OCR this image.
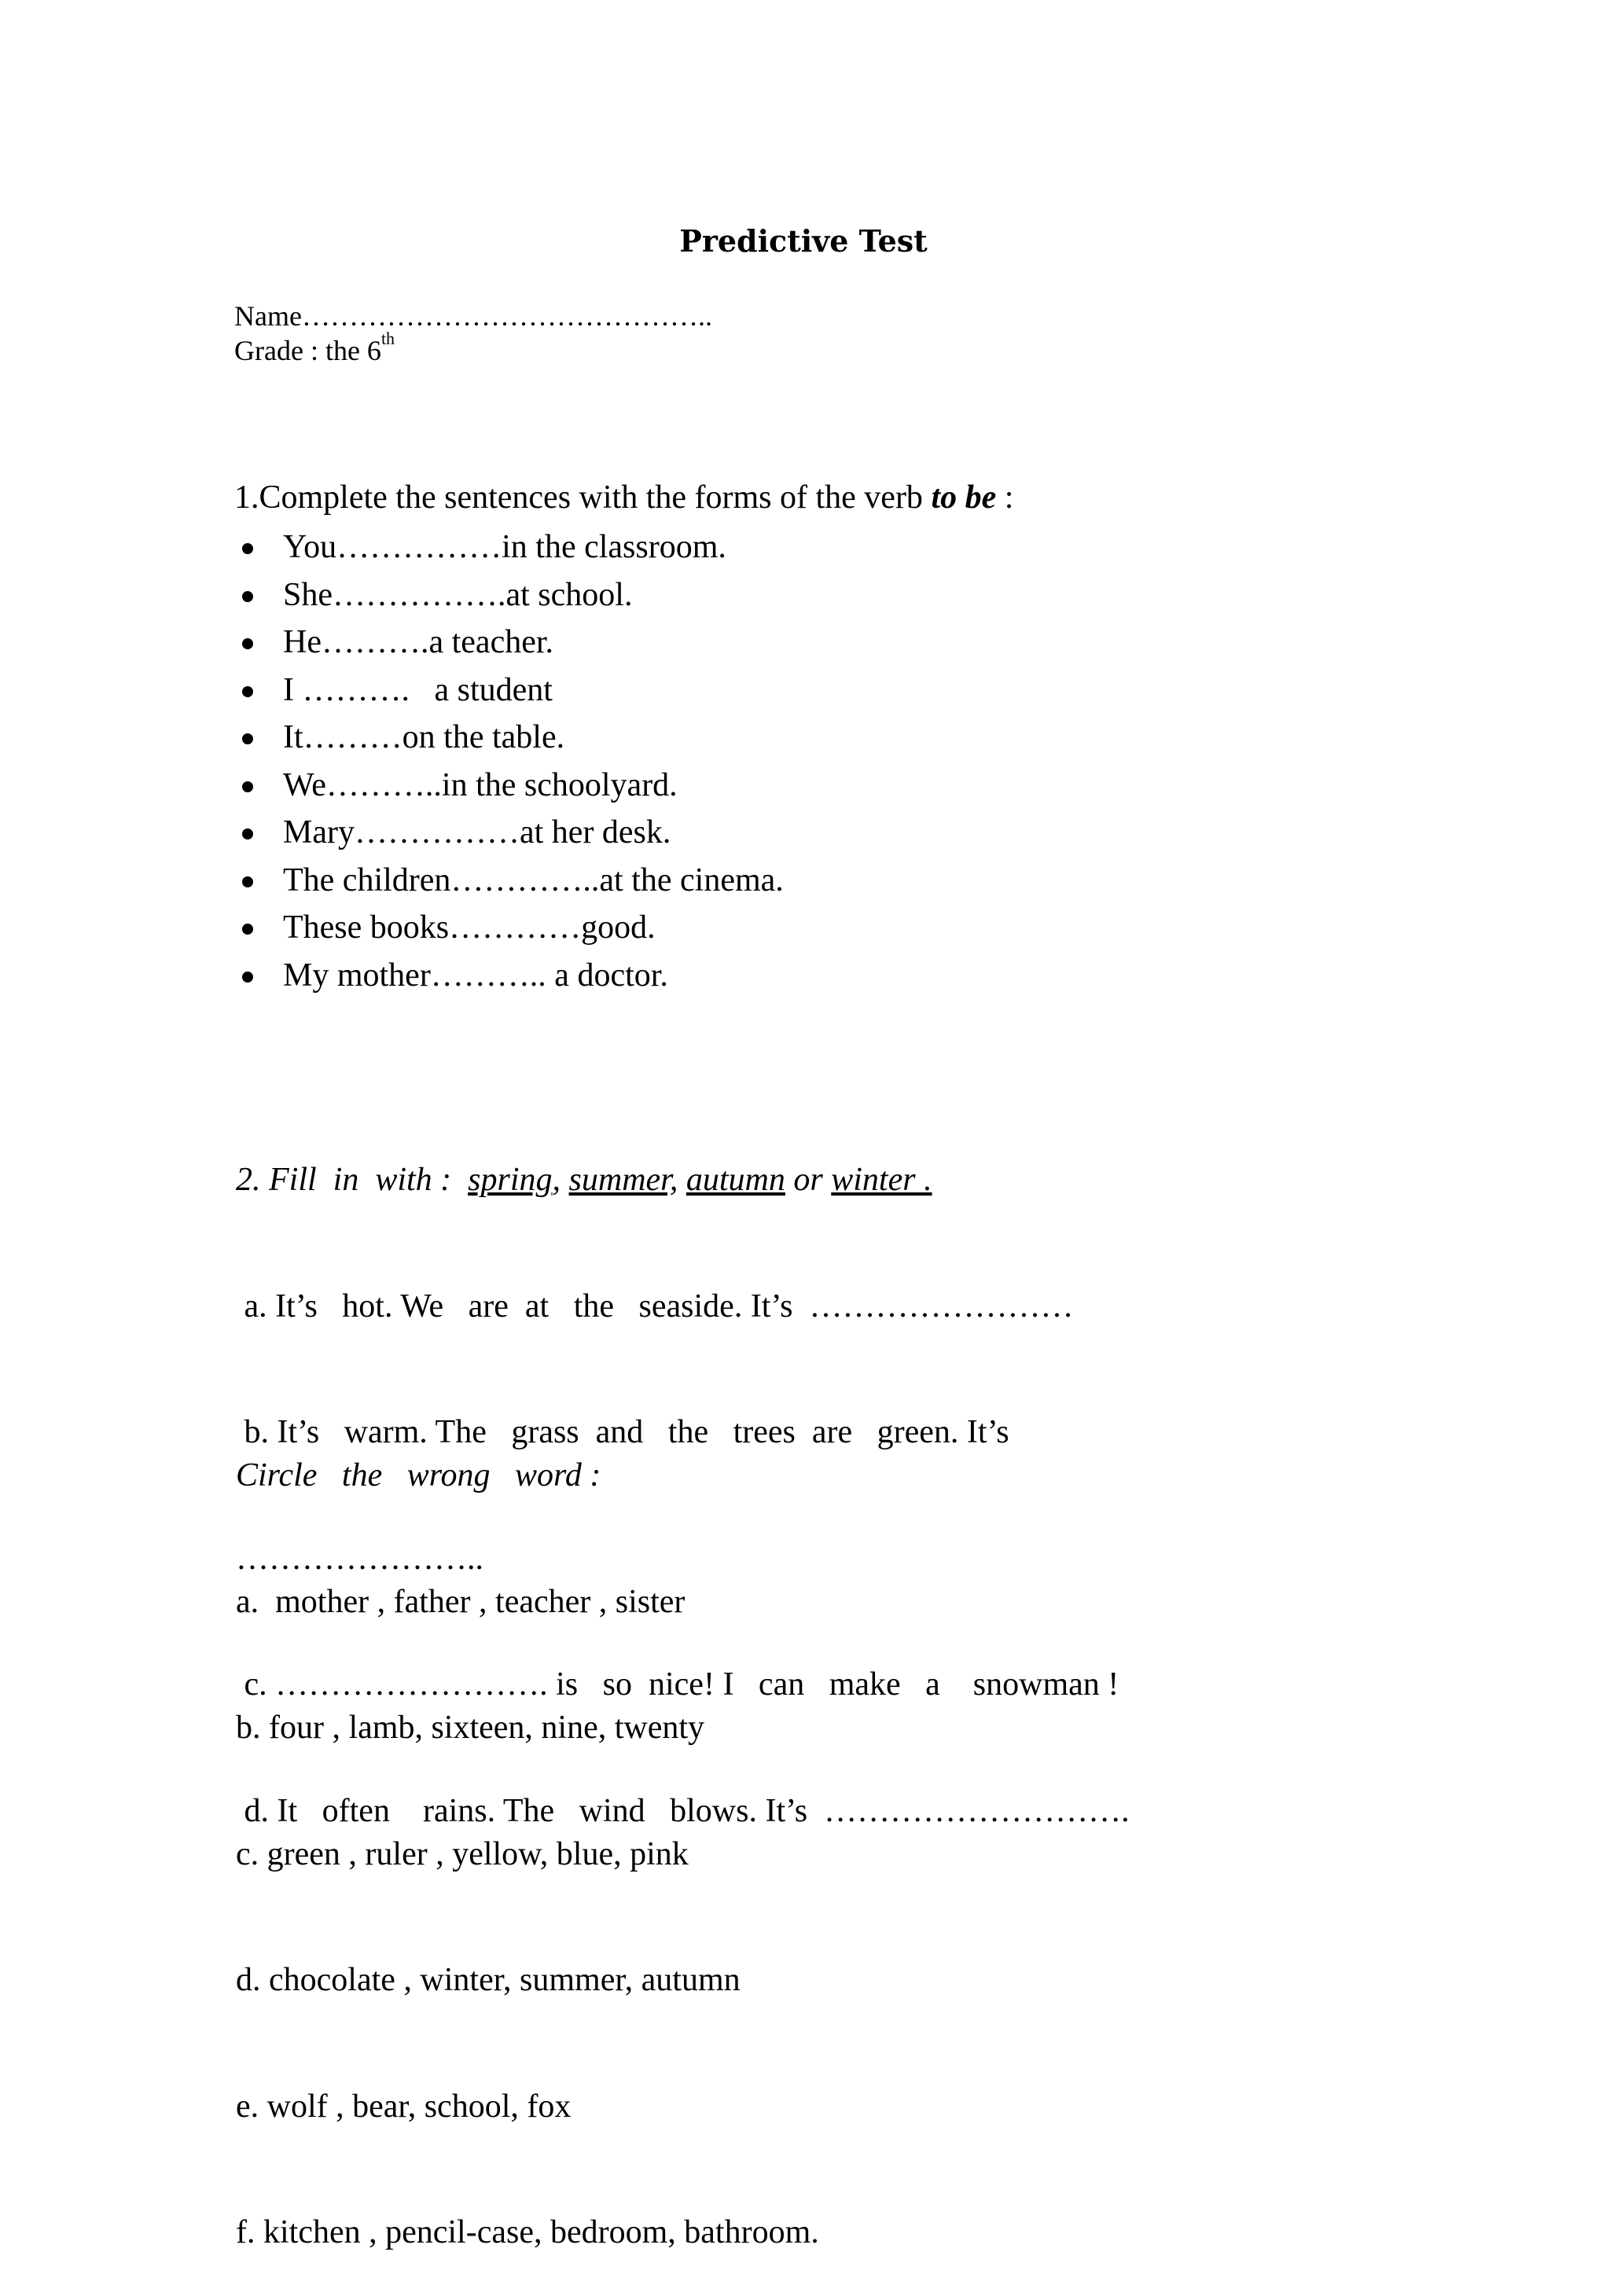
Predictive Test
Name……………………………………..
Grade : the 6th
1.Complete the sentences with the forms of the verb to be :
You……………in the classroom.
She…………….at school.
He……….a teacher.
I ……….   a student
It………on the table.
We………..in the schoolyard.
Mary……………at her desk.
The children…………..at the cinema.
These books…………good.
My mother……….. a doctor.

2. Fill  in  with :  spring, summer, autumn or winter .

a. It’s   hot. We   are  at   the   seaside. It’s  ……………………

b. It’s   warm. The   grass  and   the   trees  are   green. It’s

…………………..

c. ……………………. is   so  nice! I   can   make   a    snowman !

d. It   often    rains. The   wind   blows. It’s  ……………………….

Circle   the   wrong   word :

a.  mother , father , teacher , sister

b. four , lamb, sixteen, nine, twenty

c. green , ruler , yellow, blue, pink

d. chocolate , winter, summer, autumn

e. wolf , bear, school, fox

f. kitchen , pencil-case, bedroom, bathroom.
